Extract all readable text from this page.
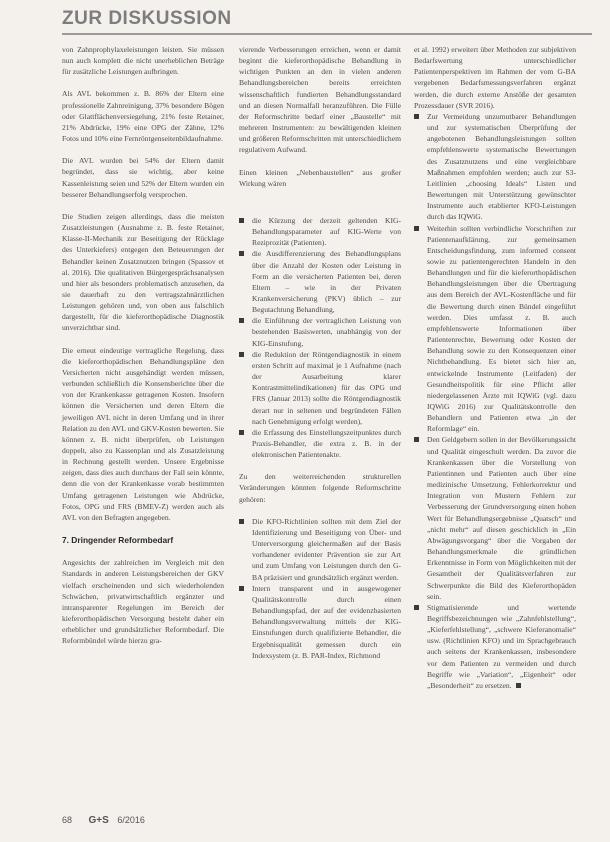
ZUR DISKUSSION

von Zahnprophylaxeleistungen leisten. Sie müssen nun auch komplett die nicht unerheblichen Beträge für zusätzliche Leistungen aufbringen.

Als AVL bekommen z. B. 86% der Eltern eine professionelle Zahnreinigung, 37% besondere Bögen oder Glattflächenversiegelung, 21% feste Retainer, 21% Abdrücke, 19% eine OPG der Zähne, 12% Fotos und 10% eine Fernröntgenseitenbildaufnahme.

Die AVL wurden bei 54% der Eltern damit begründet, dass sie wichtig, aber keine Kassenleistung seien und 52% der Eltern wurden ein besserer Behandlungserfolg versprochen.

Die Studien zeigen allerdings, dass die meisten Zusatzleistungen (Ausnahme z. B. feste Retainer, Klasse-II-Mechanik zur Beseitigung der Rücklage des Unterkiefers) entgegen den Beteuerungen der Behandler keinen Zusatznutzen bringen (Spassov et al. 2016). Die qualitativen Bürgergesprächsanalysen und hier als besonders problematisch anzusehen, da sie dauerhaft zu den vertragszahnärztlichen Leistungen gehören und, von oben aus falschlich dargestellt, für die kieferorthopädische Diagnostik unverzichtbar sind.

Die erneut eindeutige vertragliche Regelung, dass die kieferorthopädischen Behandlungspläne den Versicherten nicht ausgehändigt werden müssen, verbunden schließlich die Konsensberichte über die von der Krankenkasse getragenen Kosten. Insofern können die Versicherten und deren Eltern die jeweiligen AVL nicht in deren Umfang und in ihrer Relation zu den AVL und GKV-Kosten bewerten. Sie können z. B. nicht überprüfen, ob Leistungen doppelt, also zu Kassenplan und als Zusatzleistung in Rechnung gestellt werden. Unsere Ergebnisse zeigen, dass dies auch durchaus der Fall sein könnte, denn die von der Krankenkasse vorab bestimmten Umfang getragenen Leistungen wie Abdrücke, Fotos, OPG und FRS (BMEV-Z) werden auch als AVL von den Befragten angegeben.

7. Dringender Reformbedarf

Angesichts der zahlreichen im Vergleich mit den Standards in anderen Leistungsbereichen der GKV vielfach erscheinenden und sich wiederholenden Schwächen, privatwirtschaftlich ergänzter und intransparenter Regelungen im Bereich der kieferorthopädischen Versorgung besteht daher ein erheblicher und grundsätzlicher Reformbedarf. Die Reformbündel würde hierzu gra-

vierende Verbesserungen erreichen, wenn er damit beginnt die kieferorthopädische Behandlung in wichtigen Punkten an den in vielen anderen Behandlungsbereichen bereits erreichten wissenschaftlich fundierten Behandlungsstandard und an diesen Normalfall heranzuführen. Die Fülle der Reformschritte bedarf einer „Baustelle“ mit mehreren Instrumenten: zu bewältigenden kleinen und größeren Reformschritten mit unterschiedlichem regulativem Aufwand.

Einen kleinen „Nebenbaustellen“ aus großer Wirkung wären

die Kürzung der derzeit geltenden KIG-Behandlungsparameter auf KIG-Werte von Reziprozität (Patienten).
die Ausdifferenzierung des Behandlungsplans über die Anzahl der Kosten oder Leistung in Form an die versicherten Patienten bei, deren Eltern – wie in der Privaten Krankenversicherung (PKV) üblich – zur Begutachtung Behandlung,
die Einführung der vertraglichen Leistung von bestehenden Basiswerten, unabhängig von der KIG-Einstufung,
die Reduktion der Röntgendiagnostik in einem ersten Schritt auf maximal je 1 Aufnahme (nach der Ausarbeitung klarer Kontrastmittelindikationen) für das OPG und FRS (Januar 2013) sollte die Röntgendiagnostik derart nur in seltenen und begründeten Fällen nach Genehmigung erfolgt werden),
die Erfassung des Einstellungszeitpunktes durch Praxis-Behandler, die extra z. B. in der elektronischen Patientenakte.

Zu den weiterreichenden strukturellen Veränderungen könnten folgende Reformschritte gehören:

Die KFO-Richtlinien sollten mit dem Ziel der Identifizierung und Beseitigung von Über- und Unterversorgung gleichermaßen auf der Basis vorhandener evidenter Prävention sie zur Art und zum Umfang von Leistungen durch den G-BA präzisiert und grundsätzlich ergänzt werden.
Intern transparent und in ausgewogener Qualitätskontrolle durch einen Behandlungspfad, der auf der evidenzbasierten Behandlungsverwaltung mittels der KIG-Einstufungen durch qualifizierte Behandler, die Ergebnisqualität gemessen durch ein Indexsystem (z. B. PAR-Index, Richmond

et al. 1992) erweitert über Methoden zur subjektiven Bedarfswertung unterschiedlicher Patientenperspektiven im Rahmen der vom G-BA vergebenen Bedarfsmessungsverfahren ergänzt werden, die durch externe Anstöße der gesamten Prozessdauer (SVR 2016).

Zur Vermeidung unzumutbarer Behandlungen und zur systematischen Überprüfung der angebotenen Behandlungsleistungen sollten empfehlenswerte systematische Bewertungen des Zusatznutzens und eine vergleichbare Maßnahmen empfohlen werden; auch zur S3-Leitlinien „choosing Ideals“ Listen und Bewertungen mit Unterstützung gewünschter Instrumente auch etablierter KFO-Leistungen durch das IQWiG.
Weiterhin sollten verbindliche Vorschriften zur Patientenaufklärung, zur gemeinsamen Entscheidungsfindung, zum informed consent sowie zu patientengerechten Handeln in den Behandlungen und für die kieferorthopädischen Behandlungsleistungen über die Übertragung aus dem Bereich der AVL-Kostenfläche und für die Bewertung durch einen Bündel eingeführt werden. Dies umfasst z. B. auch empfehlenswerte Informationen über Patientenrechte, Bewertung oder Kosten der Behandlung sowie zu den Konsequenzen einer Nichtbehandlung. Es bietet sich hier an, entwickelnde Instrumente (Leitfaden) der Gesundheitspolitik für eine Pflicht aller niedergelassenen Ärzte mit IQWiG (vgl. dazu IQWiG 2016) zur Qualitätskontrolle den Behandlern und Patienten etwa „in der Reformlage“ ein.
Den Geldgebern sollen in der Bevölkerungssicht und Qualität eingeschult werden. Da zuvor die Krankenkassen über die Vorstellung von Patientinnen und Patienten auch über eine medizinische Umsetzung, Fehlerkorrektur und Integration von Mustern Fehlern zur Verbesserung der Grundversorgung einen hohen Wert für Behandlungsergebnisse „Quatsch“ und „nicht mehr“ auf diesen geschicklich in „Ein Abwägungsvorgang“ über die Vorgaben der Behandlungsmerkmale die gründlichen Erkenntnisse in Form von Möglichkeiten mit der Gesamtheit der Qualitätsverfahren zur Schwerpunkte die Bild des Kieferorthopäden sein.
Stigmatisierende und wertende Begriffsbezeichnungen wie „Zahnfehlstellung“, „Kieferfehlstellung“, „schwere Kieferanomalie“ usw. (Richtlinien KFO) und im Sprachgebrauch auch seitens der Krankenkassen, insbesondere vor dem Patienten zu vermeiden und durch Begriffe wie „Variation“, „Eigenheit“ oder „Besonderheit“ zu ersetzen.
68 G+S 6/2016
